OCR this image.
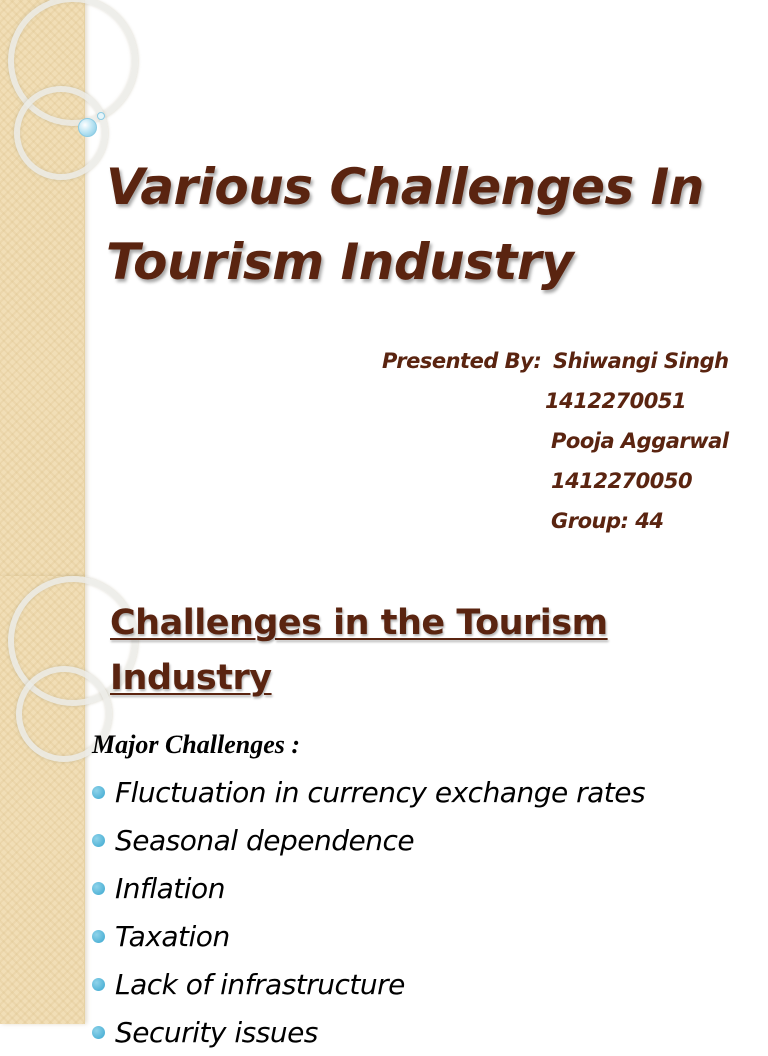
Various Challenges In Tourism Industry
Presented By: Shiwangi Singh
1412270051
Pooja Aggarwal
1412270050
Group: 44
Challenges in the Tourism Industry
Major Challenges :
Fluctuation in currency exchange rates
Seasonal dependence
Inflation
Taxation
Lack of infrastructure
Security issues
